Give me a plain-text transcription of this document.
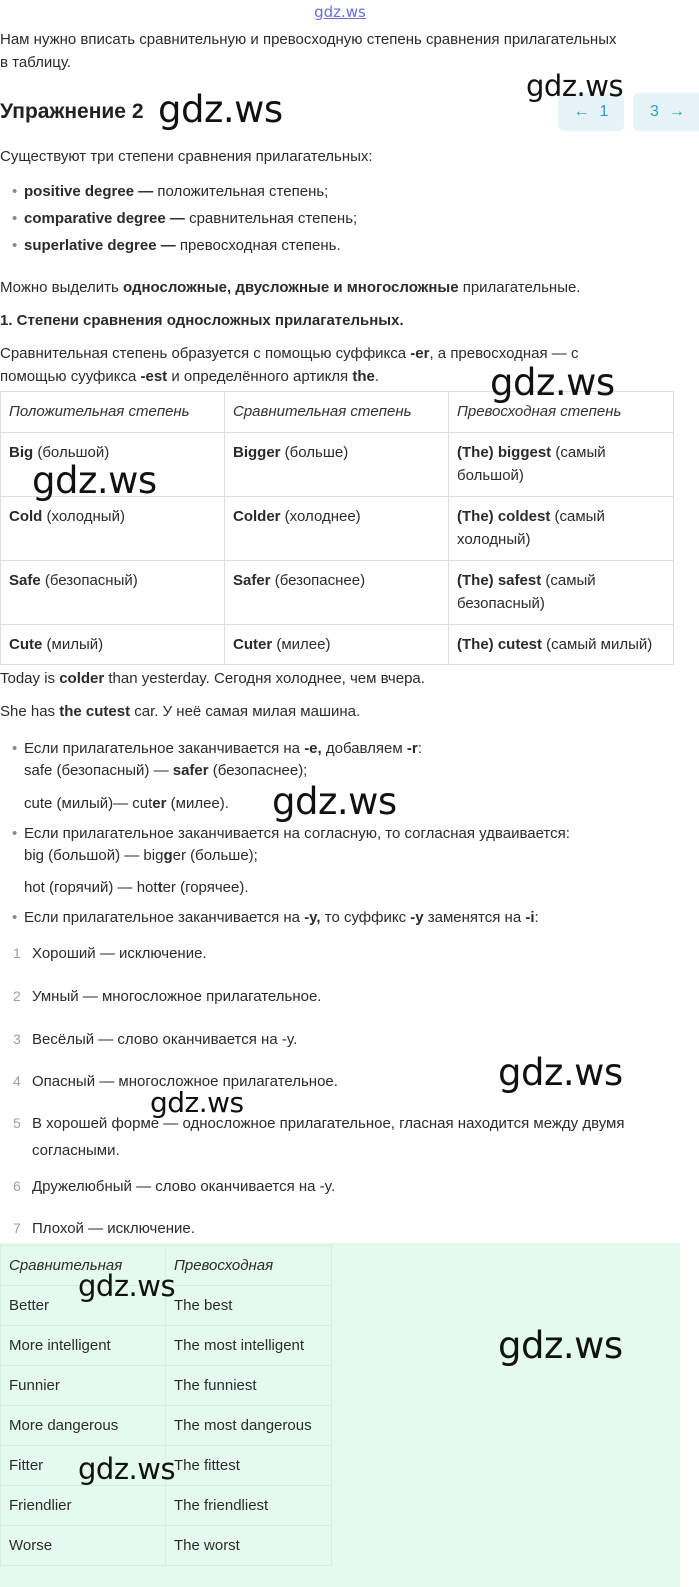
gdz.ws
Нам нужно вписать сравнительную и превосходную степень сравнения прилагательных
в таблицу.
Упражнение 2	← 1	3 →
Существуют три степени сравнения прилагательных:
• positive degree — положительная степень;
• comparative degree — сравнительная степень;
• superlative degree — превосходная степень.
Можно выделить односложные, двусложные и многосложные прилагательные.
1. Степени сравнения односложных прилагательных.
Сравнительная степень образуется с помощью суффикса -er, а превосходная — с
помощью сууфикса -est и определённого артикля the.
Положительная степень	Сравнительная степень	Превосходная степень
Big (большой)	Bigger (больше)	(The) biggest (самый большой)
Cold (холодный)	Colder (холоднее)	(The) coldest (самый холодный)
Safe (безопасный)	Safer (безопаснее)	(The) safest (самый безопасный)
Cute (милый)	Cuter (милее)	(The) cutest (самый милый)
Today is colder than yesterday. Сегодня холоднее, чем вчера.
She has the cutest car. У неё самая милая машина.
• Если прилагательное заканчивается на -e, добавляем -r:
safe (безопасный) — safer (безопаснее);
cute (милый)— cuter (милее).
• Если прилагательное заканчивается на согласную, то согласная удваивается:
big (большой) — bigger (больше);
hot (горячий) — hotter (горячее).
• Если прилагательное заканчивается на -y, то суффикс -y заменятся на -i:
1 Хороший — исключение.
2 Умный — многосложное прилагательное.
3 Весёлый — слово оканчивается на -y.
4 Опасный — многосложное прилагательное.
5 В хорошей форме — односложное прилагательное, гласная находится между двумя
согласными.
6 Дружелюбный — слово оканчивается на -y.
7 Плохой — исключение.
Сравнительная	Превосходная
Better	The best
More intelligent	The most intelligent
Funnier	The funniest
More dangerous	The most dangerous
Fitter	The fittest
Friendlier	The friendliest
Worse	The worst
gdz.ws
gdz.ws
gdz.ws
gdz.ws
gdz.ws
gdz.ws
gdz.ws
gdz.ws
gdz.ws
gdz.ws
